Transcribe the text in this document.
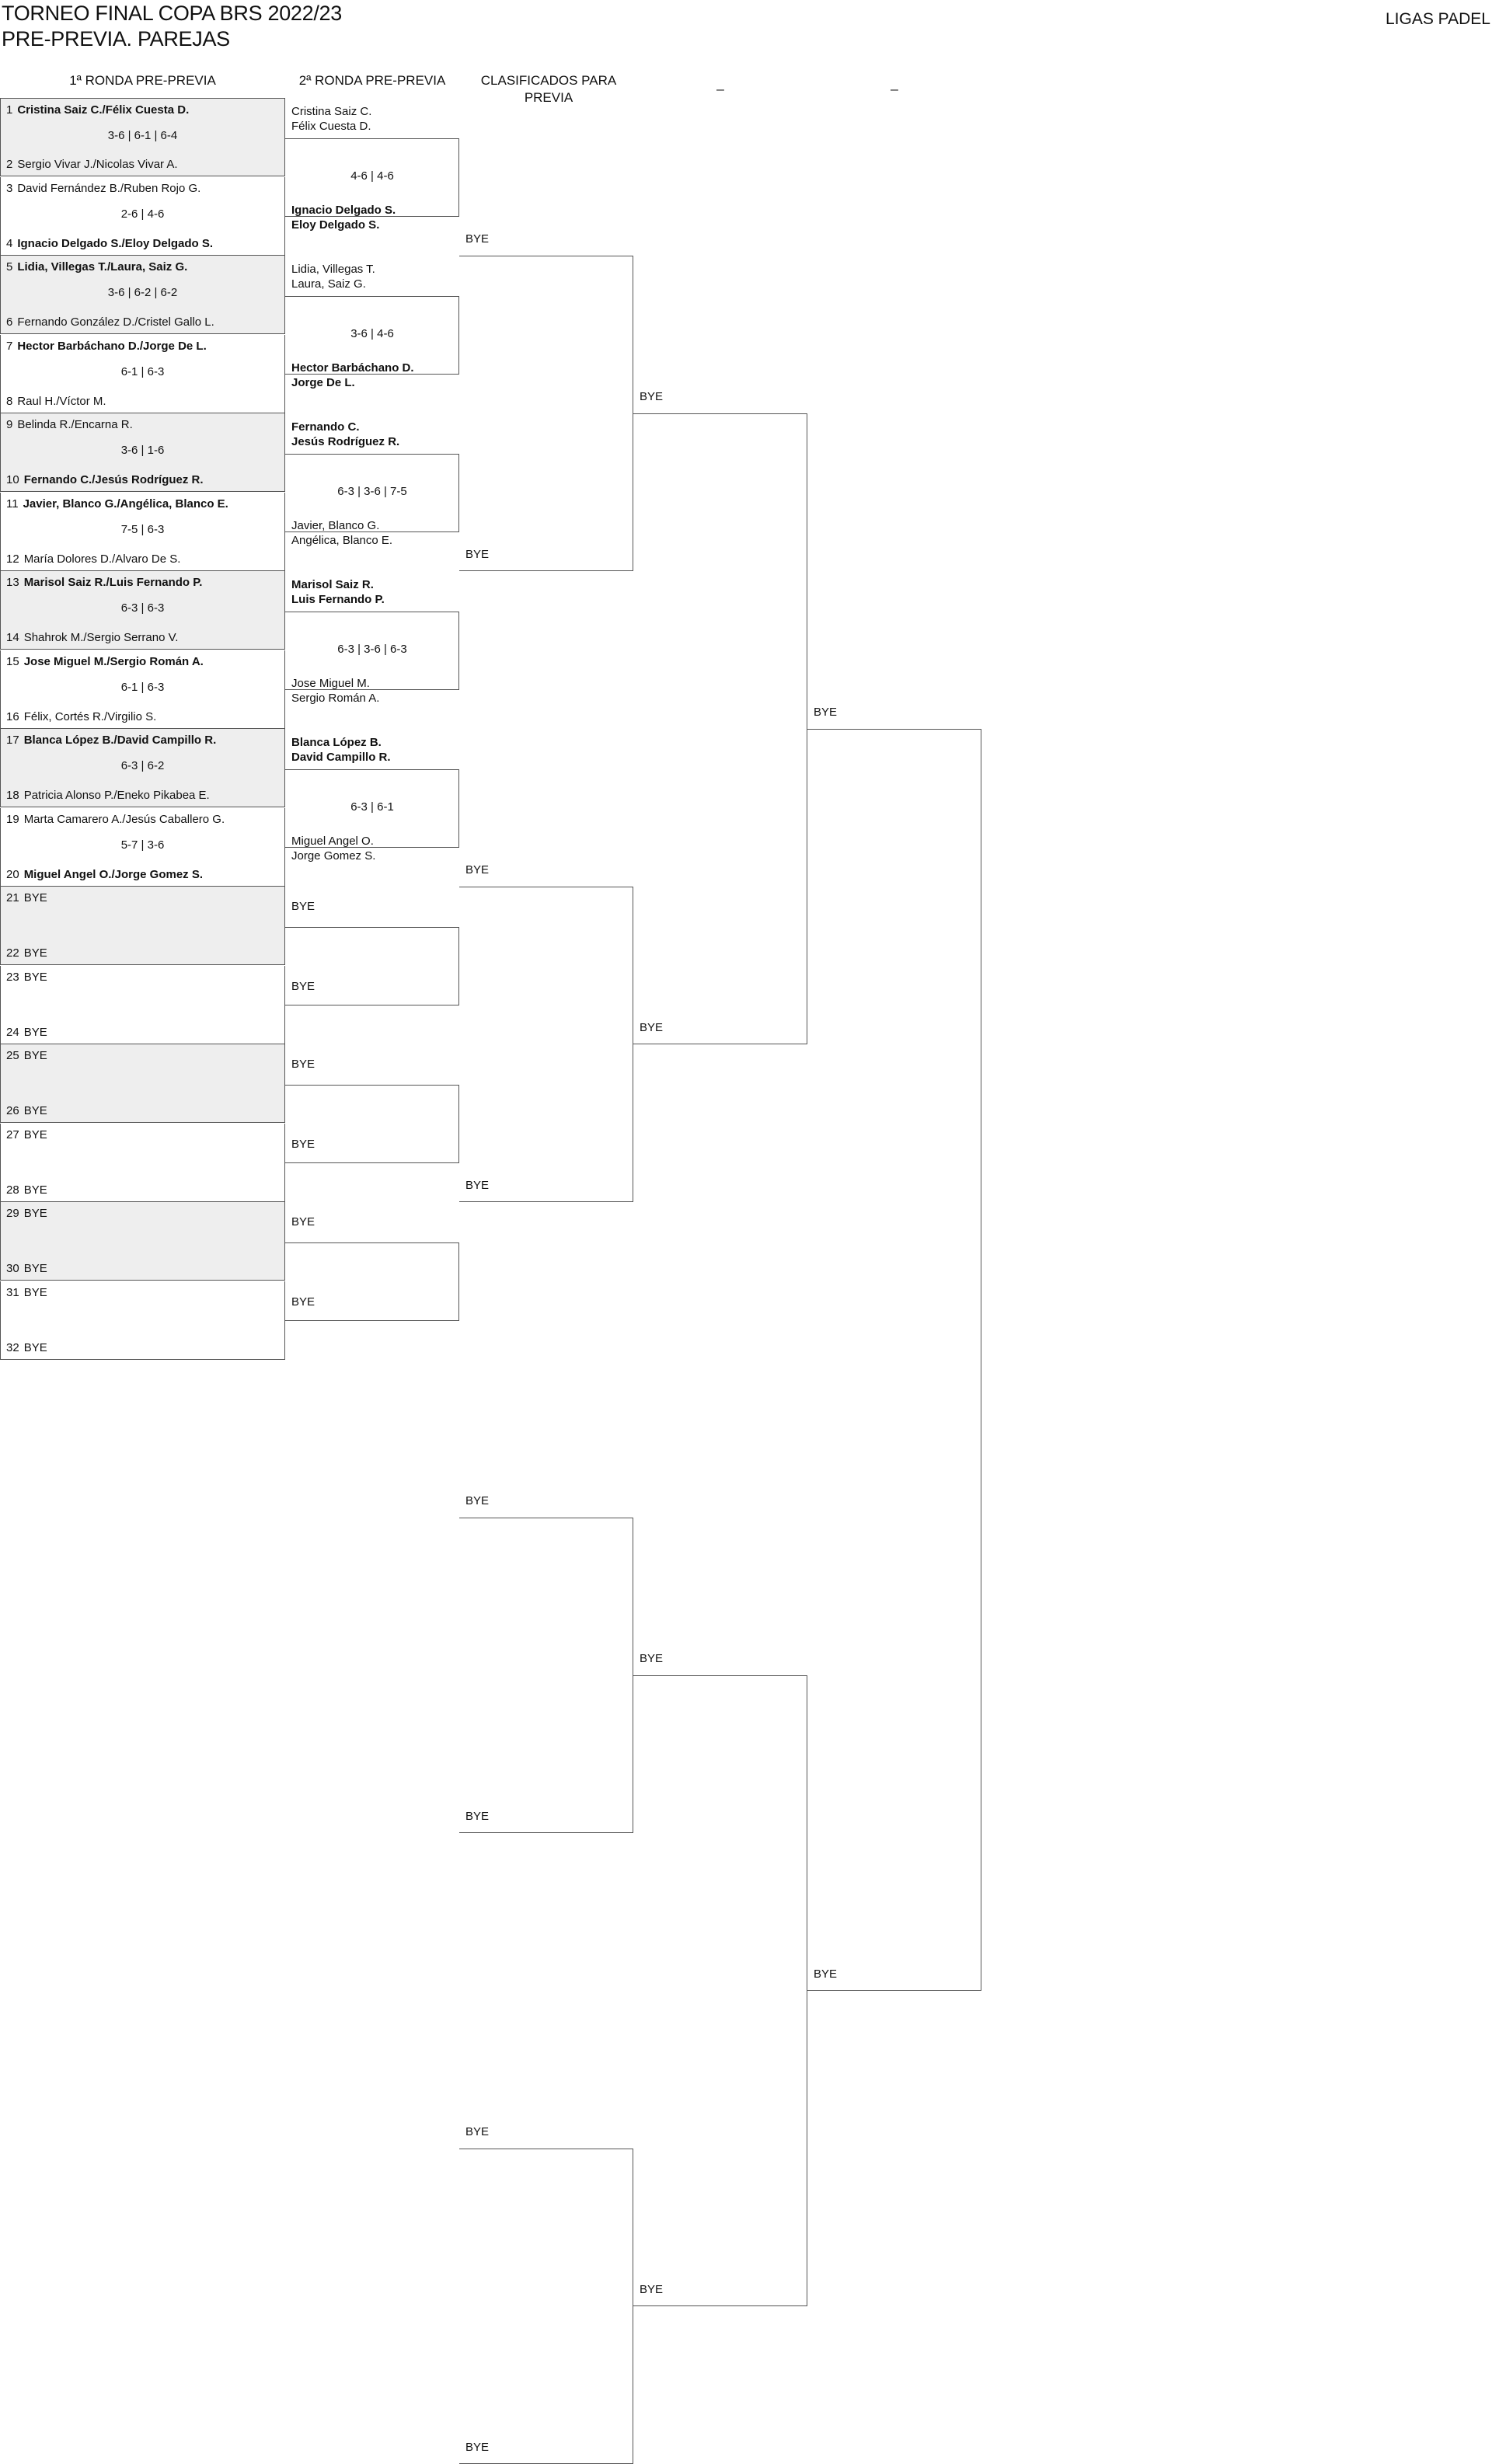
TORNEO FINAL COPA BRS 2022/23
PRE-PREVIA. PAREJAS
LIGAS PADEL
1ª RONDA PRE-PREVIA	2ª RONDA PRE-PREVIA	CLASIFICADOS PARA PREVIA
_	_
1 Cristina Saiz C./Félix Cuesta D.
3-6 | 6-1 | 6-4
2 Sergio Vivar J./Nicolas Vivar A.
3 David Fernández B./Ruben Rojo G.
2-6 | 4-6
4 Ignacio Delgado S./Eloy Delgado S.
5 Lidia, Villegas T./Laura, Saiz G.
3-6 | 6-2 | 6-2
6 Fernando González D./Cristel Gallo L.
7 Hector Barbáchano D./Jorge De L.
6-1 | 6-3
8 Raul H./Víctor M.
9 Belinda R./Encarna R.
3-6 | 1-6
10 Fernando C./Jesús Rodríguez R.
11 Javier, Blanco G./Angélica, Blanco E.
7-5 | 6-3
12 María Dolores D./Alvaro De S.
13 Marisol Saiz R./Luis Fernando P.
6-3 | 6-3
14 Shahrok M./Sergio Serrano V.
15 Jose Miguel M./Sergio Román A.
6-1 | 6-3
16 Félix, Cortés R./Virgilio S.
17 Blanca López B./David Campillo R.
6-3 | 6-2
18 Patricia Alonso P./Eneko Pikabea E.
19 Marta Camarero A./Jesús Caballero G.
5-7 | 3-6
20 Miguel Angel O./Jorge Gomez S.
21 BYE
22 BYE
23 BYE
24 BYE
25 BYE
26 BYE
27 BYE
28 BYE
29 BYE
30 BYE
31 BYE
32 BYE
Cristina Saiz C.
Félix Cuesta D.
4-6 | 4-6
Ignacio Delgado S.
Eloy Delgado S.
Lidia, Villegas T.
Laura, Saiz G.
3-6 | 4-6
Hector Barbáchano D.
Jorge De L.
Fernando C.
Jesús Rodríguez R.
6-3 | 3-6 | 7-5
Javier, Blanco G.
Angélica, Blanco E.
Marisol Saiz R.
Luis Fernando P.
6-3 | 3-6 | 6-3
Jose Miguel M.
Sergio Román A.
Blanca López B.
David Campillo R.
6-3 | 6-1
Miguel Angel O.
Jorge Gomez S.
BYE
BYE
BYE
BYE
BYE
BYE
BYE
BYE
BYE
BYE
BYE
BYE
BYE
BYE
BYE
BYE
BYE
BYE
BYE
BYE
